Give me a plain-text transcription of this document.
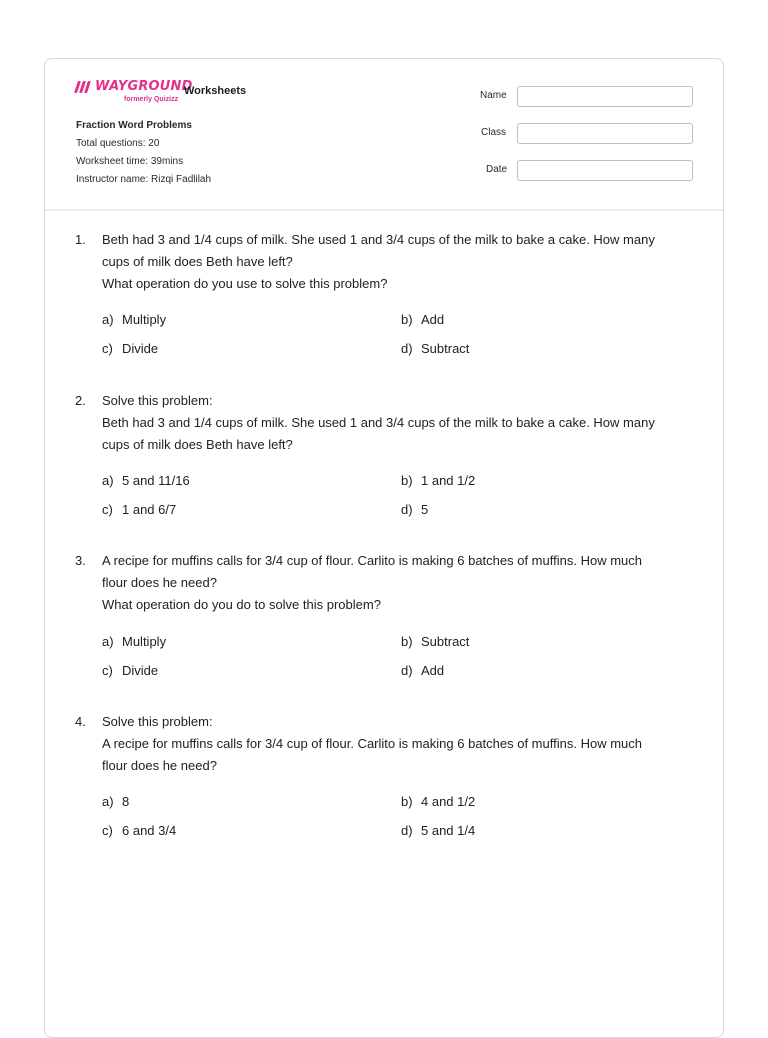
WAYGROUND
formerly Quizizz
Worksheets
Fraction Word Problems
Total questions: 20
Worksheet time: 39mins
Instructor name: Rizqi Fadlilah
Name
Class
Date
1. Beth had 3 and 1/4 cups of milk. She used 1 and 3/4 cups of the milk to bake a cake. How many
cups of milk does Beth have left?
What operation do you use to solve this problem?
a) Multiply	b) Add
c) Divide	d) Subtract
2. Solve this problem:
Beth had 3 and 1/4 cups of milk. She used 1 and 3/4 cups of the milk to bake a cake. How many
cups of milk does Beth have left?
a) 5 and 11/16	b) 1 and 1/2
c) 1 and 6/7	d) 5
3. A recipe for muffins calls for 3/4 cup of flour. Carlito is making 6 batches of muffins. How much
flour does he need?
What operation do you do to solve this problem?
a) Multiply	b) Subtract
c) Divide	d) Add
4. Solve this problem:
A recipe for muffins calls for 3/4 cup of flour. Carlito is making 6 batches of muffins. How much
flour does he need?
a) 8	b) 4 and 1/2
c) 6 and 3/4	d) 5 and 1/4
